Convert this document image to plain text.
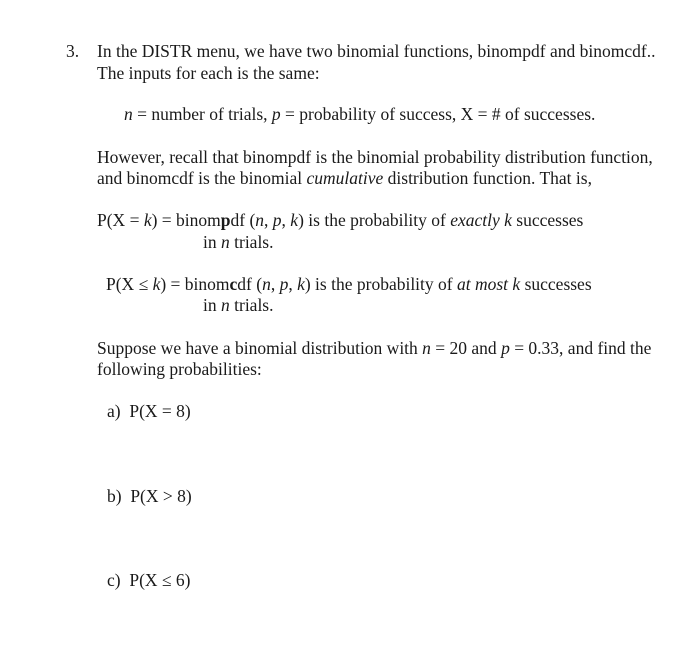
3. In the DISTR menu, we have two binomial functions, binompdf and binomcdf..
The inputs for each is the same:
n = number of trials, p = probability of success, X = # of successes.
However, recall that binompdf is the binomial probability distribution function,
and binomcdf is the binomial cumulative distribution function. That is,
P(X = k) = binompdf (n, p, k) is the probability of exactly k successes
in n trials.
P(X ≤ k) = binomcdf (n, p, k) is the probability of at most k successes
in n trials.
Suppose we have a binomial distribution with n = 20 and p = 0.33, and find the
following probabilities:
a) P(X = 8)
b) P(X > 8)
c) P(X ≤ 6)
